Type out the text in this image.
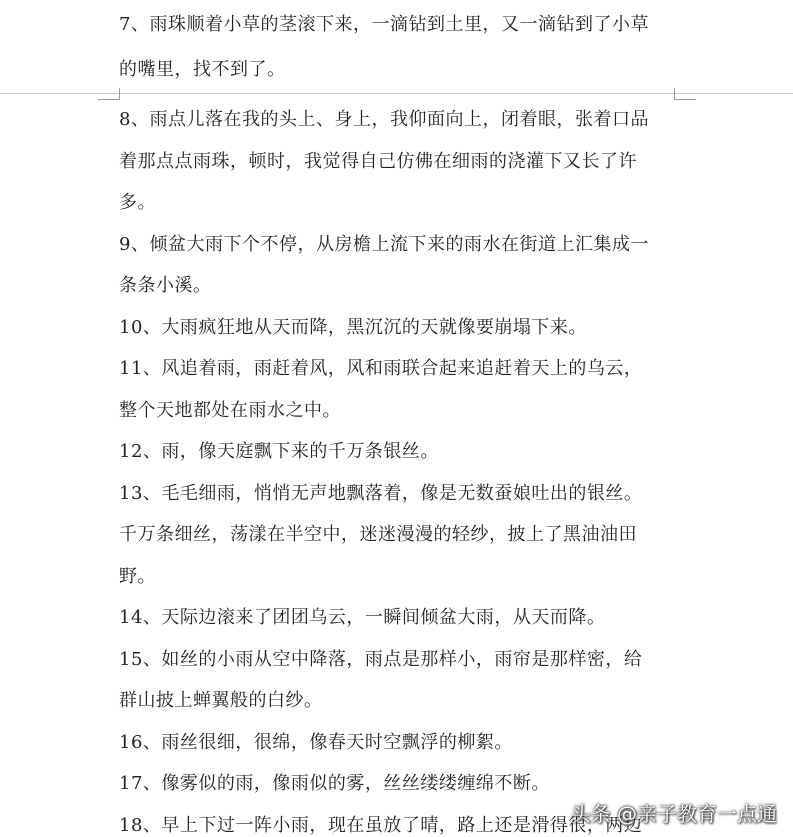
7、雨珠顺着小草的茎滚下来，一滴钻到土里，又一滴钻到了小草
的嘴里，找不到了。
8、雨点儿落在我的头上、身上，我仰面向上，闭着眼，张着口品
着那点点雨珠，顿时，我觉得自己仿佛在细雨的浇灌下又长了许
多。
9、倾盆大雨下个不停，从房檐上流下来的雨水在街道上汇集成一
条条小溪。
10、大雨疯狂地从天而降，黑沉沉的天就像要崩塌下来。
11、风追着雨，雨赶着风，风和雨联合起来追赶着天上的乌云，
整个天地都处在雨水之中。
12、雨，像天庭飘下来的千万条银丝。
13、毛毛细雨，悄悄无声地飘落着，像是无数蚕娘吐出的银丝。
千万条细丝，荡漾在半空中，迷迷漫漫的轻纱，披上了黑油油田
野。
14、天际边滚来了团团乌云，一瞬间倾盆大雨，从天而降。
15、如丝的小雨从空中降落，雨点是那样小，雨帘是那样密，给
群山披上蝉翼般的白纱。
16、雨丝很细，很绵，像春天时空飘浮的柳絮。
17、像雾似的雨，像雨似的雾，丝丝缕缕缠绵不断。
18、早上下过一阵小雨，现在虽放了晴，路上还是滑得很，两边
头条 @亲子教育一点通
